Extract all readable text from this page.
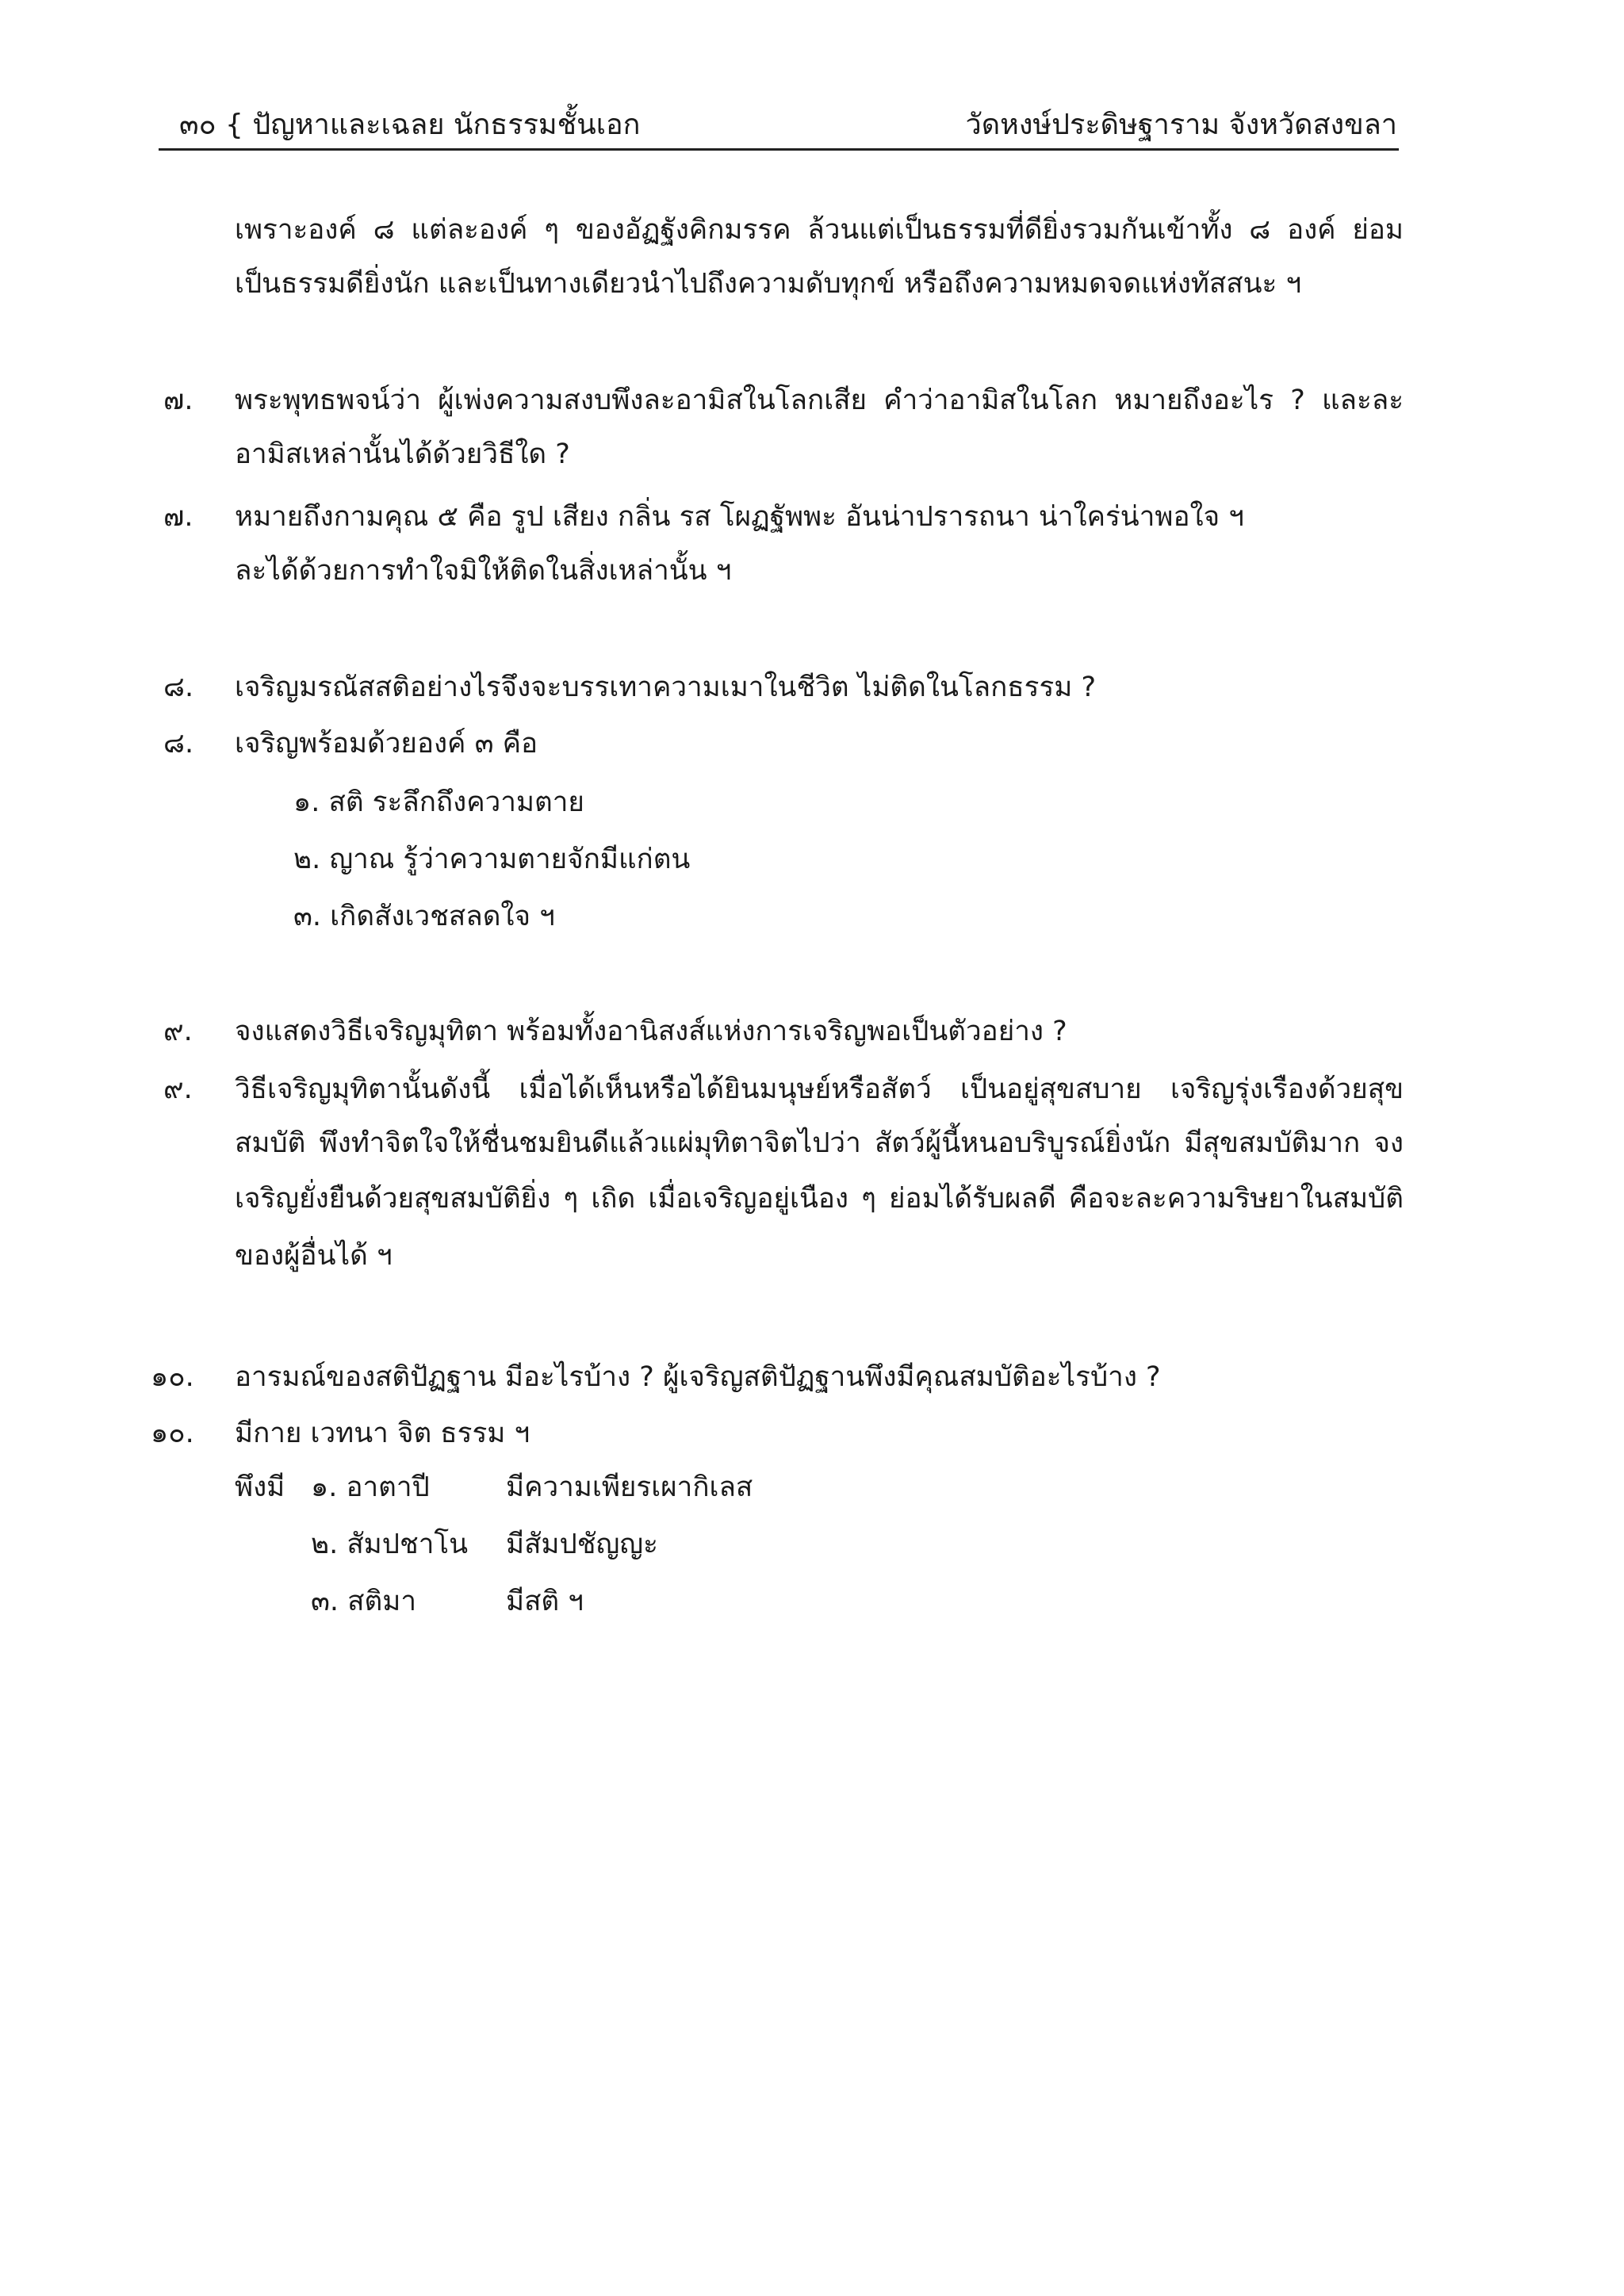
๓๐ { ปัญหาและเฉลย นักธรรมชั้นเอก	วัดหงษ์ประดิษฐาราม จังหวัดสงขลา
เพราะองค์ ๘ แต่ละองค์ ๆ ของอัฏฐังคิกมรรค ล้วนแต่เป็นธรรมที่ดียิ่งรวมกันเข้าทั้ง ๘ องค์ ย่อม
เป็นธรรมดียิ่งนัก และเป็นทางเดียวนำไปถึงความดับทุกข์ หรือถึงความหมดจดแห่งทัสสนะ ฯ
๗. พระพุทธพจน์ว่า ผู้เพ่งความสงบพึงละอามิสในโลกเสีย คำว่าอามิสในโลก หมายถึงอะไร ? และละ
อามิสเหล่านั้นได้ด้วยวิธีใด ?
๗. หมายถึงกามคุณ ๕ คือ รูป เสียง กลิ่น รส โผฏฐัพพะ อันน่าปรารถนา น่าใคร่น่าพอใจ ฯ
ละได้ด้วยการทำใจมิให้ติดในสิ่งเหล่านั้น ฯ
๘. เจริญมรณัสสติอย่างไรจึงจะบรรเทาความเมาในชีวิต ไม่ติดในโลกธรรม ?
๘. เจริญพร้อมด้วยองค์ ๓ คือ
๑. สติ ระลึกถึงความตาย
๒. ญาณ รู้ว่าความตายจักมีแก่ตน
๓. เกิดสังเวชสลดใจ ฯ
๙. จงแสดงวิธีเจริญมุทิตา พร้อมทั้งอานิสงส์แห่งการเจริญพอเป็นตัวอย่าง ?
๙. วิธีเจริญมุทิตานั้นดังนี้ เมื่อได้เห็นหรือได้ยินมนุษย์หรือสัตว์ เป็นอยู่สุขสบาย เจริญรุ่งเรืองด้วยสุข
สมบัติ พึงทำจิตใจให้ชื่นชมยินดีแล้วแผ่มุทิตาจิตไปว่า สัตว์ผู้นี้หนอบริบูรณ์ยิ่งนัก มีสุขสมบัติมาก จง
เจริญยั่งยืนด้วยสุขสมบัติยิ่ง ๆ เถิด เมื่อเจริญอยู่เนือง ๆ ย่อมได้รับผลดี คือจะละความริษยาในสมบัติ
ของผู้อื่นได้ ฯ
๑๐. อารมณ์ของสติปัฏฐาน มีอะไรบ้าง ? ผู้เจริญสติปัฏฐานพึงมีคุณสมบัติอะไรบ้าง ?
๑๐. มีกาย เวทนา จิต ธรรม ฯ
พึงมี ๑. อาตาปี	มีความเพียรเผากิเลส
๒. สัมปชาโน มีสัมปชัญญะ
๓. สติมา	มีสติ ฯ
